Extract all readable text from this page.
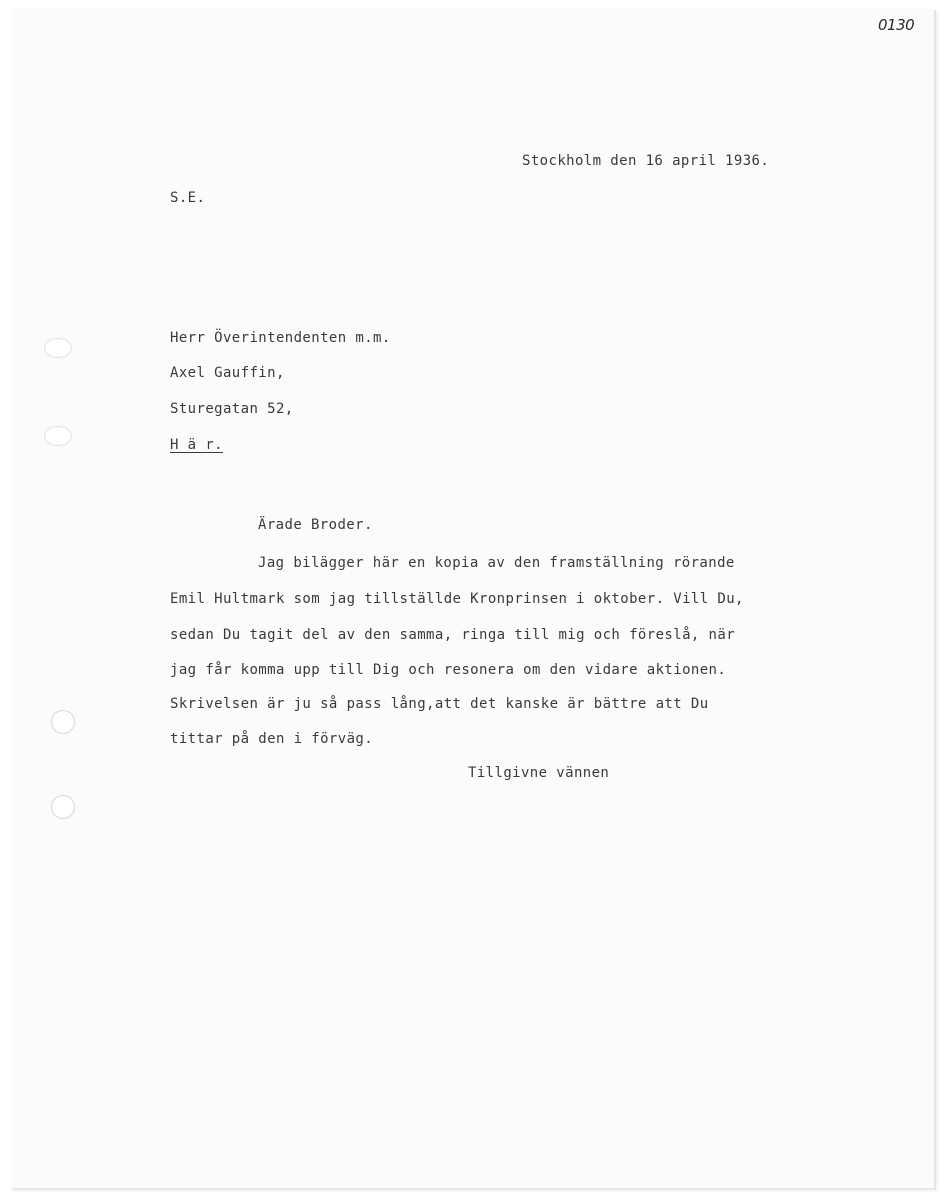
0130
Stockholm den 16 april 1936.
S.E.
Herr Överintendenten m.m.
Axel Gauffin,
Sturegatan 52,
H ä r.
Ärade Broder.
Jag bilägger här en kopia av den framställning rörande
Emil Hultmark som jag tillställde Kronprinsen i oktober. Vill Du,
sedan Du tagit del av den samma, ringa till mig och föreslå, när
jag får komma upp till Dig och resonera om den vidare aktionen.
Skrivelsen är ju så pass lång,att det kanske är bättre att Du
tittar på den i förväg.
Tillgivne vännen
